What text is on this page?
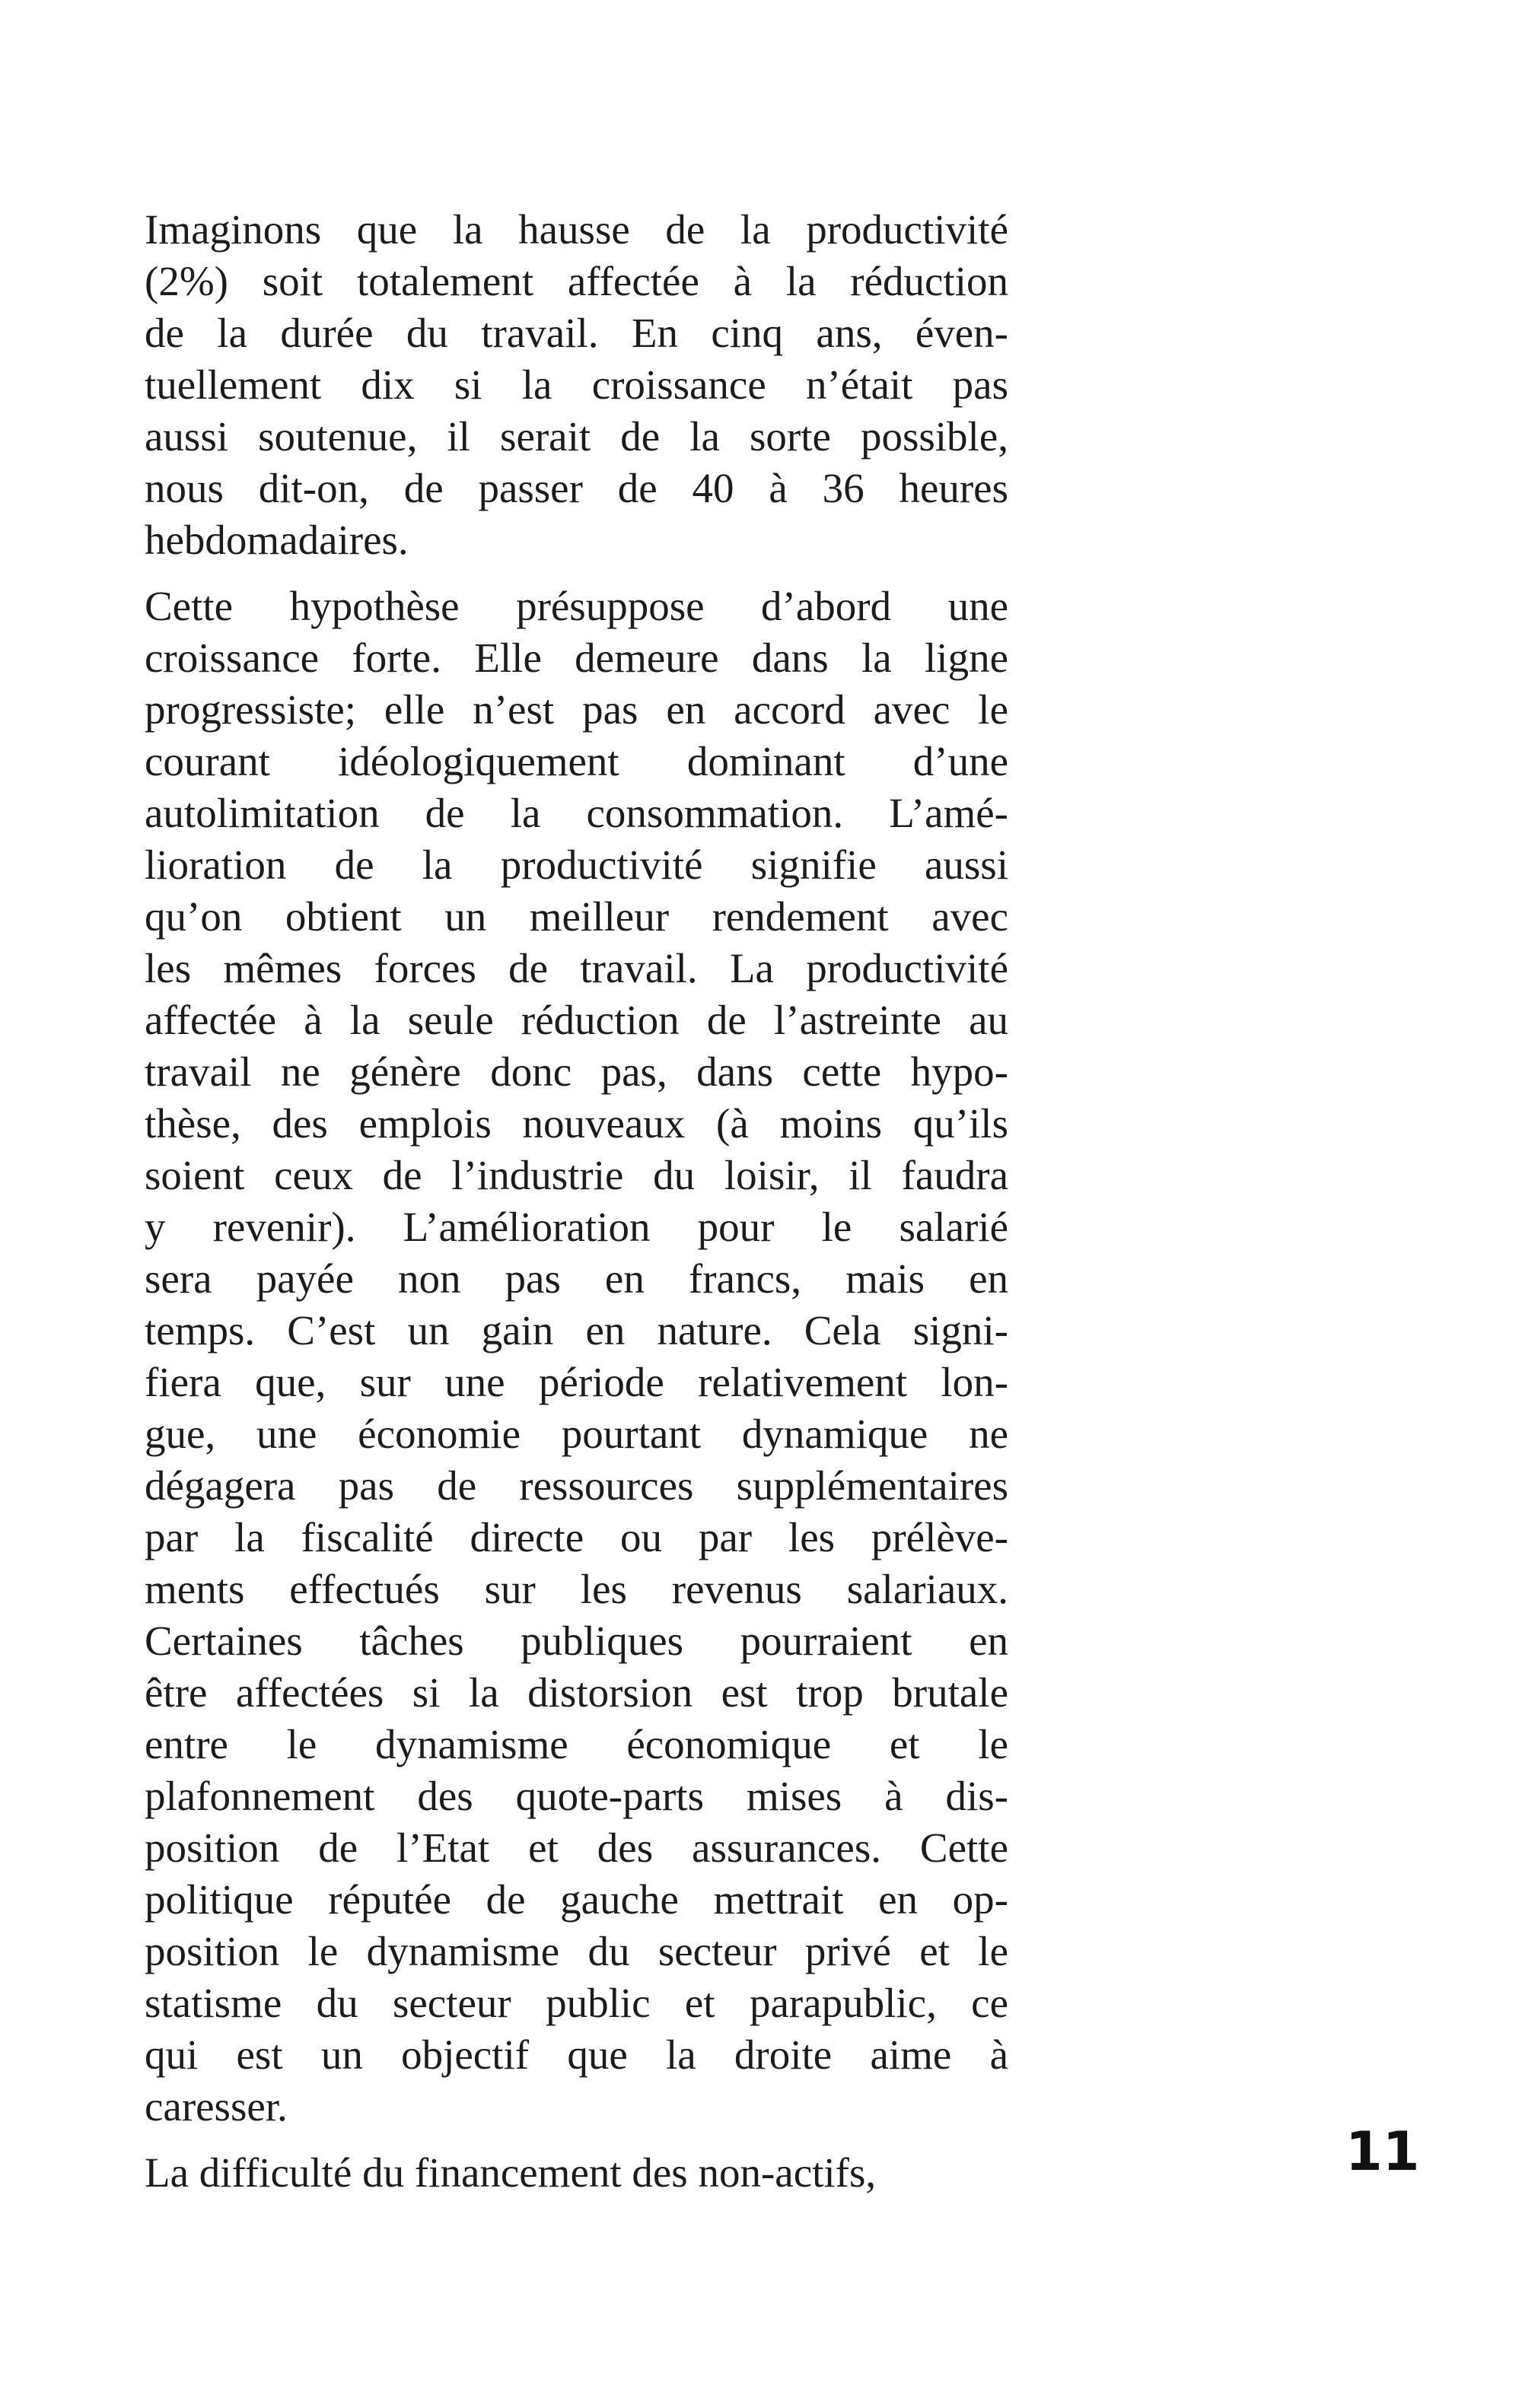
Imaginons que la hausse de la productivité
(2%) soit totalement affectée à la réduction
de la durée du travail. En cinq ans, éven-
tuellement dix si la croissance n’était pas
aussi soutenue, il serait de la sorte possible,
nous dit-on, de passer de 40 à 36 heures
hebdomadaires.
Cette hypothèse présuppose d’abord une
croissance forte. Elle demeure dans la ligne
progressiste; elle n’est pas en accord avec le
courant idéologiquement dominant d’une
autolimitation de la consommation. L’amé-
lioration de la productivité signifie aussi
qu’on obtient un meilleur rendement avec
les mêmes forces de travail. La productivité
affectée à la seule réduction de l’astreinte au
travail ne génère donc pas, dans cette hypo-
thèse, des emplois nouveaux (à moins qu’ils
soient ceux de l’industrie du loisir, il faudra
y revenir). L’amélioration pour le salarié
sera payée non pas en francs, mais en
temps. C’est un gain en nature. Cela signi-
fiera que, sur une période relativement lon-
gue, une économie pourtant dynamique ne
dégagera pas de ressources supplémentaires
par la fiscalité directe ou par les prélève-
ments effectués sur les revenus salariaux.
Certaines tâches publiques pourraient en
être affectées si la distorsion est trop brutale
entre le dynamisme économique et le
plafonnement des quote-parts mises à dis-
position de l’Etat et des assurances. Cette
politique réputée de gauche mettrait en op-
position le dynamisme du secteur privé et le
statisme du secteur public et parapublic, ce
qui est un objectif que la droite aime à
caresser.
La difficulté du financement des non-actifs,	11
